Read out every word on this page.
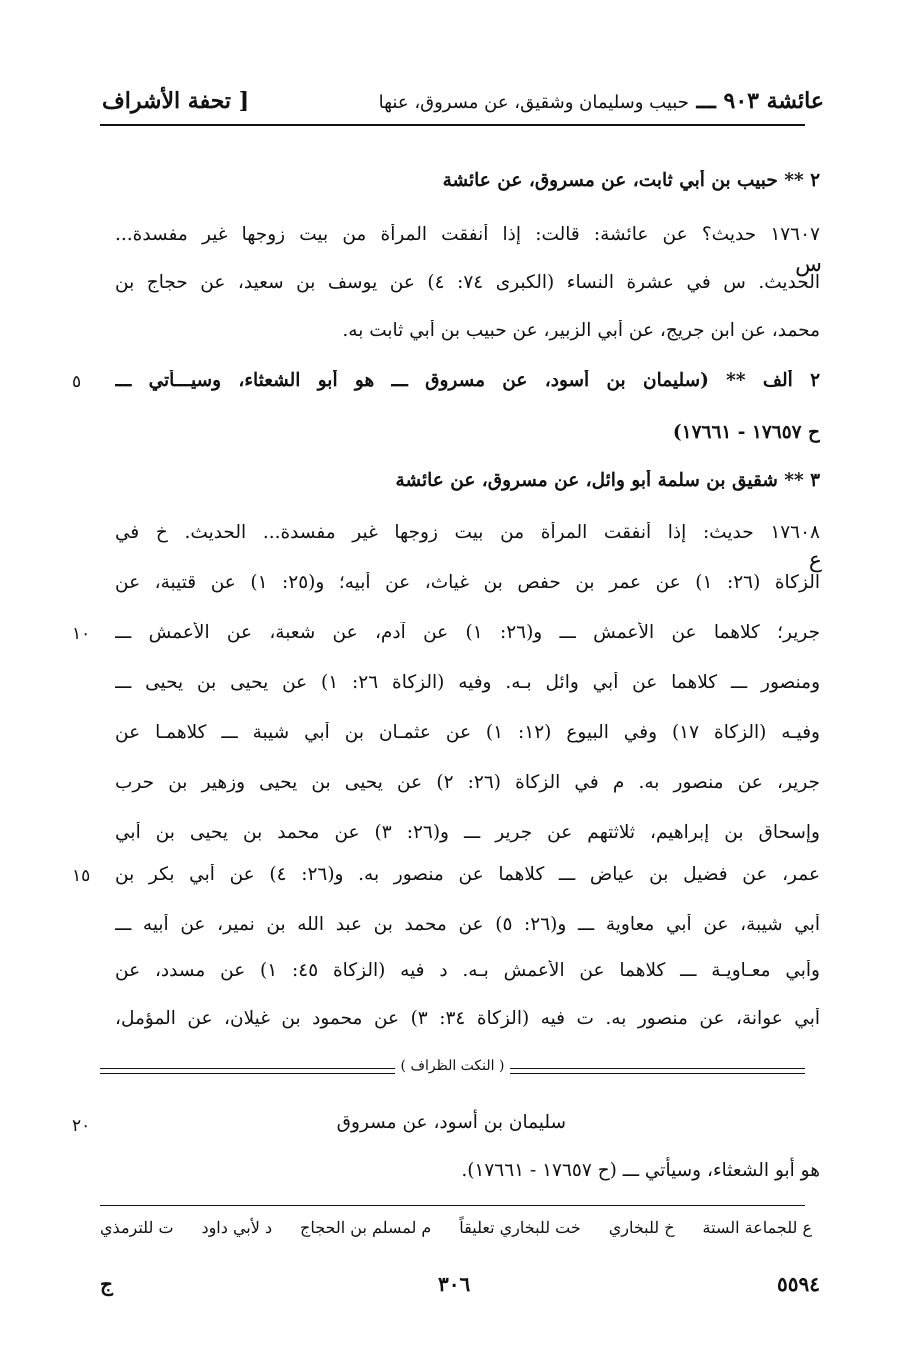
عائشة ٩٠٣ ـــ حبيب وسليمان وشقيق، عن مسروق، عنها
[ تحفة الأشراف
٢ ** حبيب بن أبي ثابت، عن مسروق، عن عائشة
١٧٦٠٧ حديث؟ عن عائشة: قالت: إذا أنفقت المرأة من بيت زوجها غير مفسدة...
الحديث. س في عشرة النساء (الكبرى ٧٤: ٤) عن يوسف بن سعيد، عن حجاج بن
محمد، عن ابن جريج، عن أبي الزبير، عن حبيب بن أبي ثابت به.
٢ ألف ** (سليمان بن أسود، عن مسروق ـــ هو أبو الشعثاء، وسيـــأتي ـــ
ح ١٧٦٥٧ - ١٧٦٦١)
٣ ** شقيق بن سلمة أبو وائل، عن مسروق، عن عائشة
١٧٦٠٨ حديث: إذا أنفقت المرأة من بيت زوجها غير مفسدة... الحديث. خ في
الزكاة (٢٦: ١) عن عمر بن حفص بن غياث، عن أبيه؛ و(٢٥: ١) عن قتيبة، عن
جرير؛ كلاهما عن الأعمش ـــ و(٢٦: ١) عن آدم، عن شعبة، عن الأعمش ـــ
ومنصور ـــ كلاهما عن أبي وائل بـه. وفيه (الزكاة ٢٦: ١) عن يحيى بن يحيى ـــ
وفيـه (الزكاة ١٧) وفي البيوع (١٢: ١) عن عثمـان بن أبي شيبة ـــ كلاهمـا عن
جرير، عن منصور به. م في الزكاة (٢٦: ٢) عن يحيى بن يحيى وزهير بن حرب
وإسحاق بن إبراهيم، ثلاثتهم عن جرير ـــ و(٢٦: ٣) عن محمد بن يحيى بن أبي
عمر، عن فضيل بن عياض ـــ كلاهما عن منصور به. و(٢٦: ٤) عن أبي بكر بن
أبي شيبة، عن أبي معاوية ـــ و(٢٦: ٥) عن محمد بن عبد الله بن نمير، عن أبيه ـــ
وأبي معـاويـة ـــ كلاهما عن الأعمش بـه. د فيه (الزكاة ٤٥: ١) عن مسدد، عن
أبي عوانة، عن منصور به. ت فيه (الزكاة ٣٤: ٣) عن محمود بن غيلان، عن المؤمل،
س
ع
٥
١٠
١٥
٢٠
( النكت الظراف )
سليمان بن أسود، عن مسروق
هو أبو الشعثاء، وسيأتي ـــ (ح ١٧٦٥٧ - ١٧٦٦١).
ع للجماعة الستة
خ للبخاري
خت للبخاري تعليقاً
م لمسلم بن الحجاج
د لأبي داود
ت للترمذي
ج	٣٠٦	٥٥٩٤
